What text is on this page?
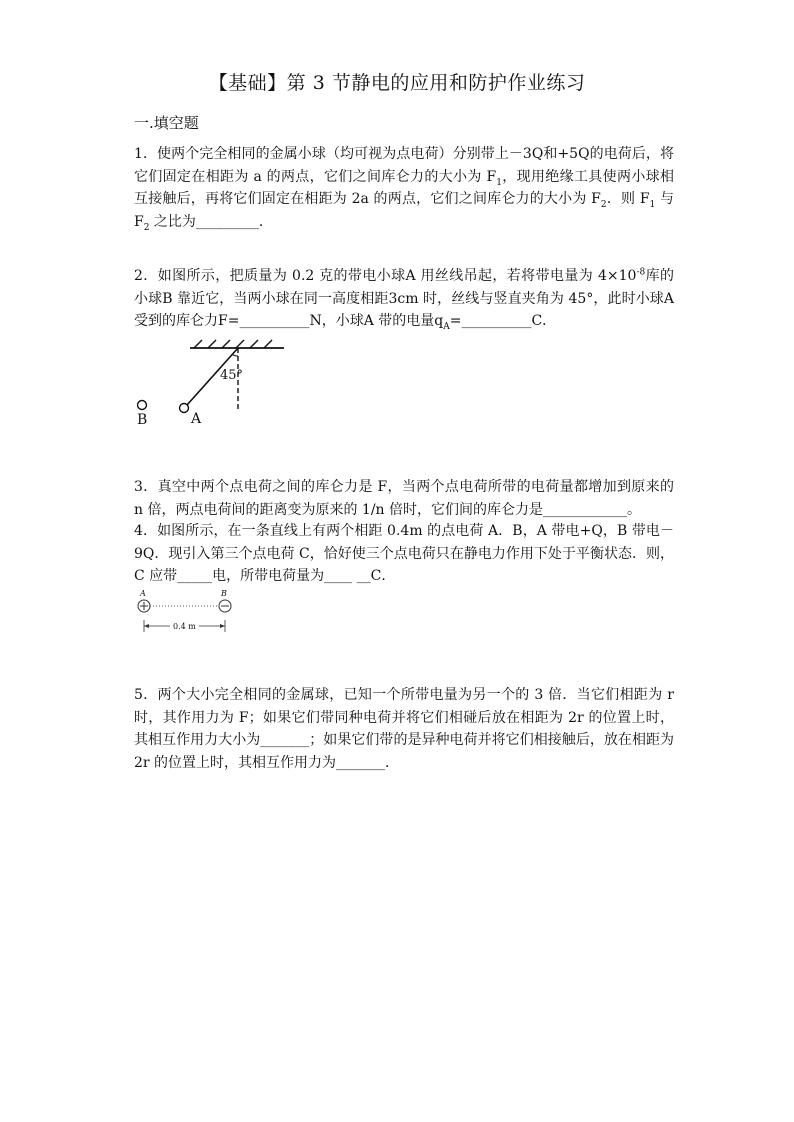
【基础】第 3 节静电的应用和防护作业练习
一.填空题
1．使两个完全相同的金属小球（均可视为点电荷）分别带上－3Q和+5Q的电荷后，将它们固定在相距为 a 的两点，它们之间库仑力的大小为 $F_1$，现用绝缘工具使两小球相互接触后，再将它们固定在相距为 2a 的两点，它们之间库仑力的大小为 $F_2$．则 $F_1$ 与 $F_2$ 之比为_________．
2．如图所示，把质量为 0.2 克的带电小球A 用丝线吊起，若将带电量为 $4\times 10^{-8}$库的小球B 靠近它，当两小球在同一高度相距3cm 时，丝线与竖直夹角为 45°，此时小球A 受到的库仑力F=__________N，小球A 带的电量$q_A=\_\_\_\_\_\_\_\_\_\_C$．
45°
A
B
3．真空中两个点电荷之间的库仑力是 F，当两个点电荷所带的电荷量都增加到原来的 n 倍，两点电荷间的距离变为原来的 1/n 倍时，它们间的库仑力是____________。
4．如图所示，在一条直线上有两个相距 0.4m 的点电荷 A．B，A 带电+Q，B 带电－9Q．现引入第三个点电荷 C，恰好使三个点电荷只在静电力作用下处于平衡状态．则，C 应带_____电，所带电荷量为____ __C．
A	B
0.4 m
5．两个大小完全相同的金属球，已知一个所带电量为另一个的 3 倍．当它们相距为 r 时，其作用力为 F；如果它们带同种电荷并将它们相碰后放在相距为 2r 的位置上时，其相互作用力大小为_______；如果它们带的是异种电荷并将它们相接触后，放在相距为 2r 的位置上时，其相互作用力为_______．
